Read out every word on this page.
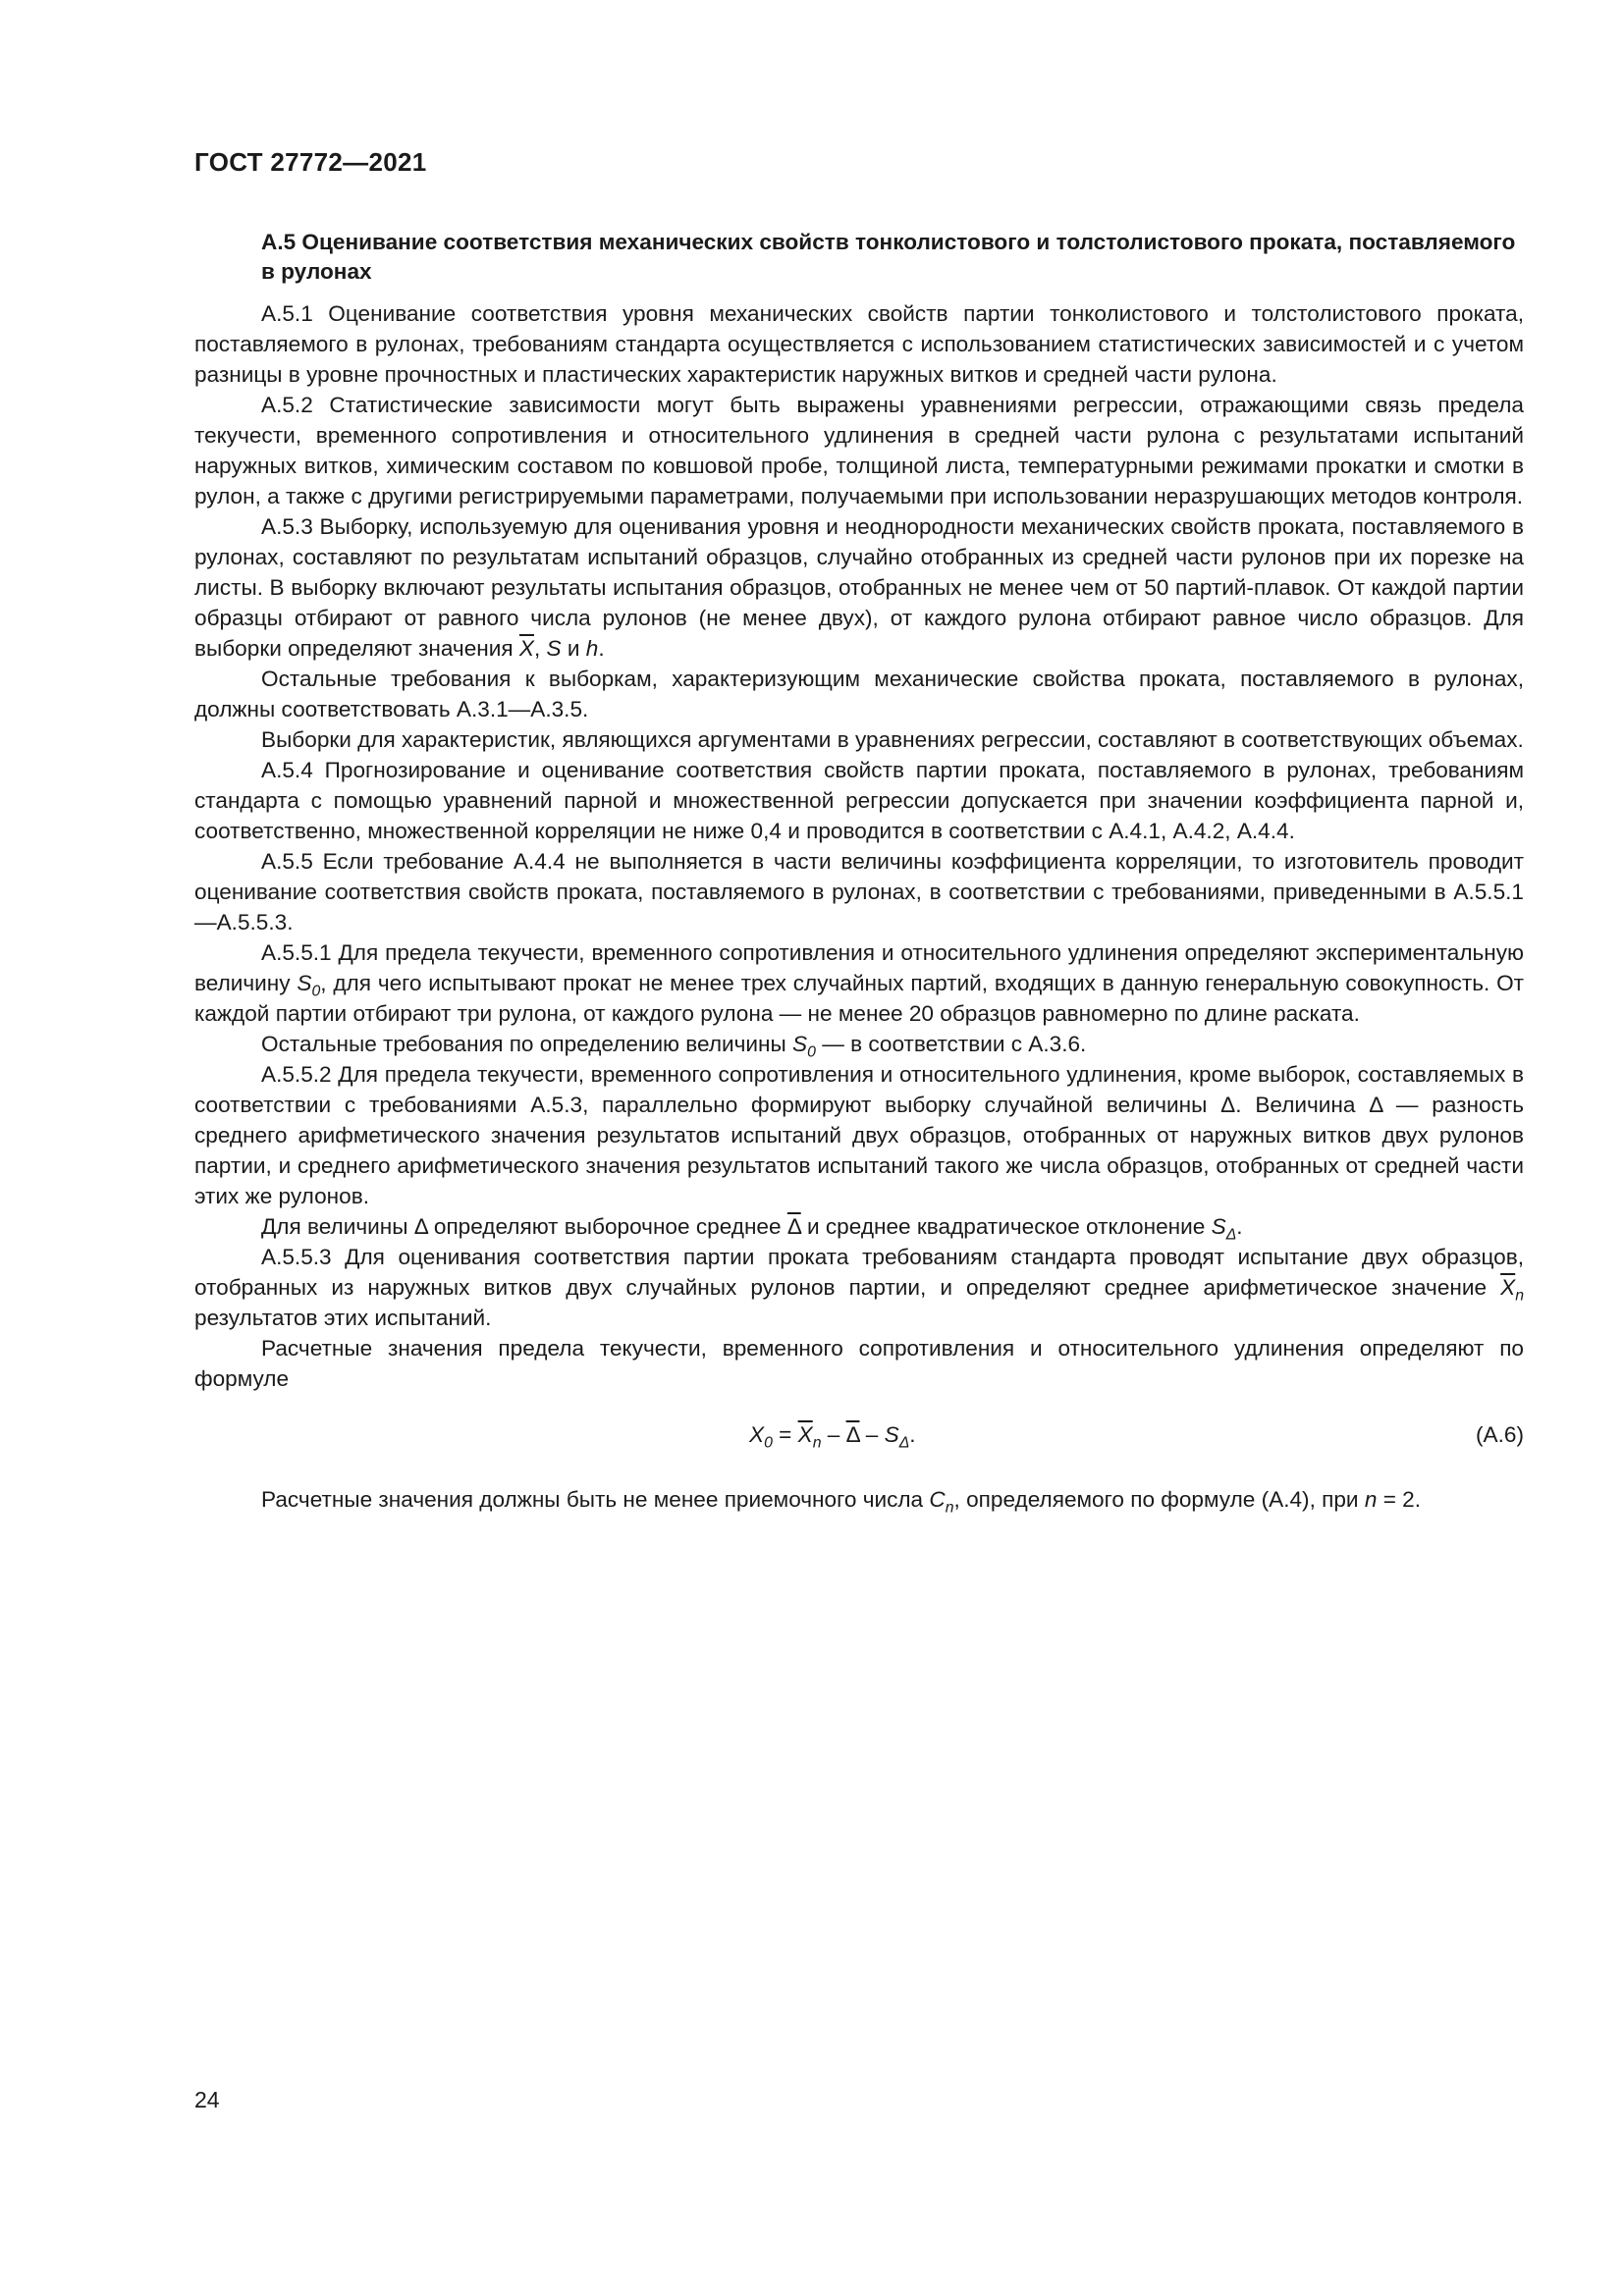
ГОСТ 27772—2021
А.5 Оценивание соответствия механических свойств тонколистового и толстолистового проката, поставляемого в рулонах

А.5.1 Оценивание соответствия уровня механических свойств партии тонколистового и толстолистового проката, поставляемого в рулонах, требованиям стандарта осуществляется с использованием статистических зависимостей и с учетом разницы в уровне прочностных и пластических характеристик наружных витков и средней части рулона.

А.5.2 Статистические зависимости могут быть выражены уравнениями регрессии, отражающими связь предела текучести, временного сопротивления и относительного удлинения в средней части рулона с результатами испытаний наружных витков, химическим составом по ковшовой пробе, толщиной листа, температурными режимами прокатки и смотки в рулон, а также с другими регистрируемыми параметрами, получаемыми при использовании неразрушающих методов контроля.

А.5.3 Выборку, используемую для оценивания уровня и неоднородности механических свойств проката, поставляемого в рулонах, составляют по результатам испытаний образцов, случайно отобранных из средней части рулонов при их порезке на листы. В выборку включают результаты испытания образцов, отобранных не менее чем от 50 партий-плавок. От каждой партии образцы отбирают от равного числа рулонов (не менее двух), от каждого рулона отбирают равное число образцов. Для выборки определяют значения $\overline{X}$, S и h.

Остальные требования к выборкам, характеризующим механические свойства проката, поставляемого в рулонах, должны соответствовать А.3.1—А.3.5.

Выборки для характеристик, являющихся аргументами в уравнениях регрессии, составляют в соответствующих объемах.

А.5.4 Прогнозирование и оценивание соответствия свойств партии проката, поставляемого в рулонах, требованиям стандарта с помощью уравнений парной и множественной регрессии допускается при значении коэффициента парной и, соответственно, множественной корреляции не ниже 0,4 и проводится в соответствии с А.4.1, А.4.2, А.4.4.

А.5.5 Если требование А.4.4 не выполняется в части величины коэффициента корреляции, то изготовитель проводит оценивание соответствия свойств проката, поставляемого в рулонах, в соответствии с требованиями, приведенными в А.5.5.1—А.5.5.3.

А.5.5.1 Для предела текучести, временного сопротивления и относительного удлинения определяют экспериментальную величину $S_0$, для чего испытывают прокат не менее трех случайных партий, входящих в данную генеральную совокупность. От каждой партии отбирают три рулона, от каждого рулона — не менее 20 образцов равномерно по длине раската.

Остальные требования по определению величины $S_0$ — в соответствии с А.3.6.

А.5.5.2 Для предела текучести, временного сопротивления и относительного удлинения, кроме выборок, составляемых в соответствии с требованиями А.5.3, параллельно формируют выборку случайной величины Δ. Величина Δ — разность среднего арифметического значения результатов испытаний двух образцов, отобранных от наружных витков двух рулонов партии, и среднего арифметического значения результатов испытаний такого же числа образцов, отобранных от средней части этих же рулонов.

Для величины Δ определяют выборочное среднее $\overline{\Delta}$ и среднее квадратическое отклонение $S_\Delta$.

А.5.5.3 Для оценивания соответствия партии проката требованиям стандарта проводят испытание двух образцов, отобранных из наружных витков двух случайных рулонов партии, и определяют среднее арифметическое значение $\overline{X}_n$ результатов этих испытаний.

Расчетные значения предела текучести, временного сопротивления и относительного удлинения определяют по формуле

$X_0 = \overline{X}_n - \overline{\Delta} - S_\Delta$.	(А.6)

Расчетные значения должны быть не менее приемочного числа $C_n$, определяемого по формуле (А.4), при n = 2.

24
